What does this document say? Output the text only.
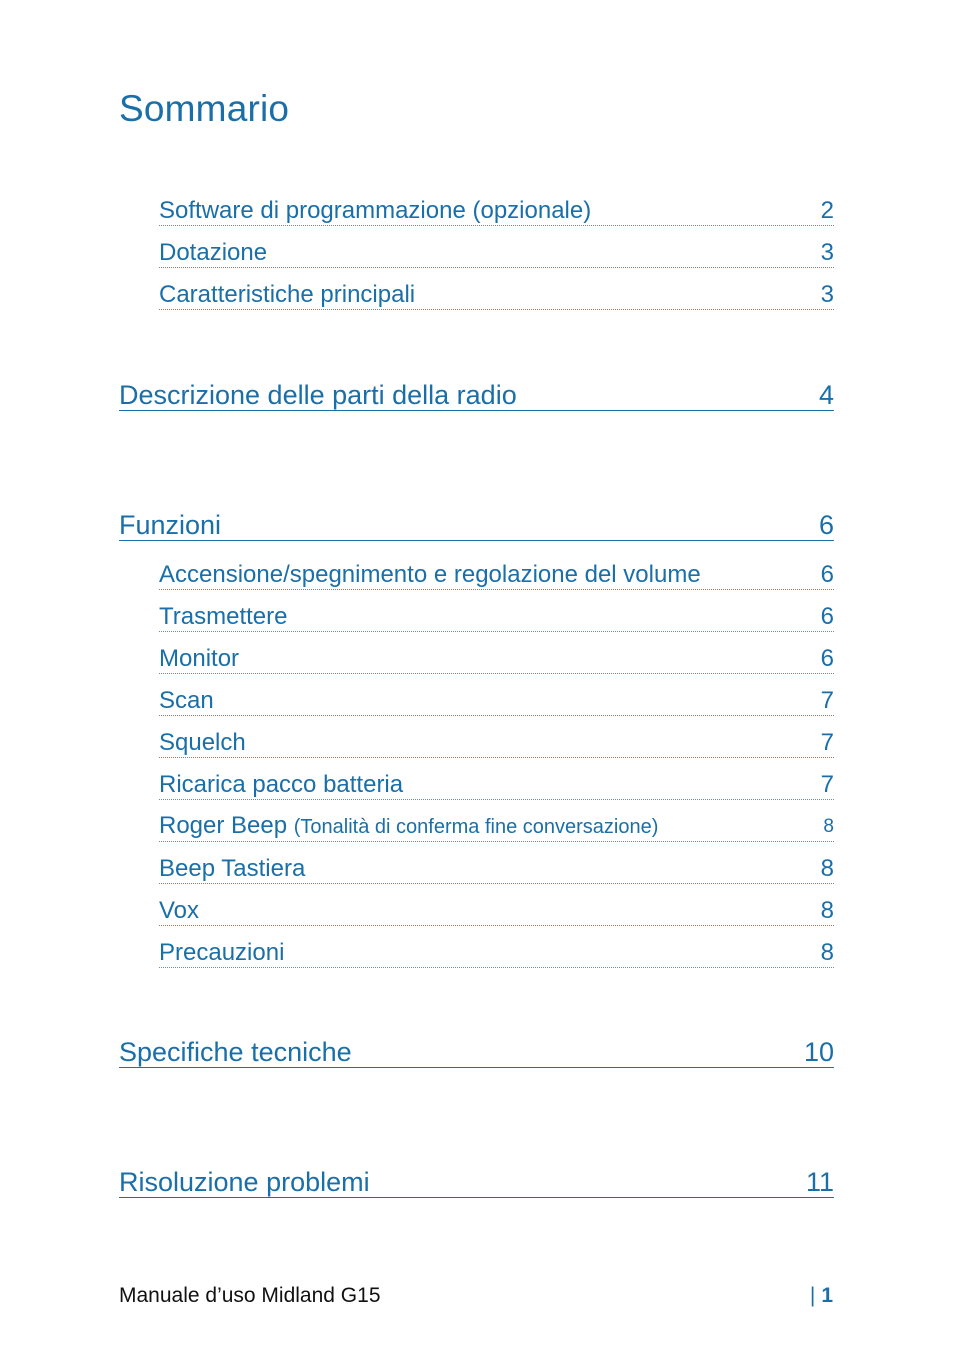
Sommario
Software di programmazione (opzionale)	2
Dotazione	3
Caratteristiche principali	3
Descrizione delle parti della radio	4
Funzioni	6
Accensione/spegnimento e regolazione del volume	6
Trasmettere	6
Monitor	6
Scan	7
Squelch	7
Ricarica pacco batteria	7
Roger Beep (Tonalità di conferma fine conversazione)	8
Beep Tastiera	8
Vox	8
Precauzioni	8
Specifiche tecniche	10
Risoluzione problemi	11
Manuale d’uso Midland G15	| 1
